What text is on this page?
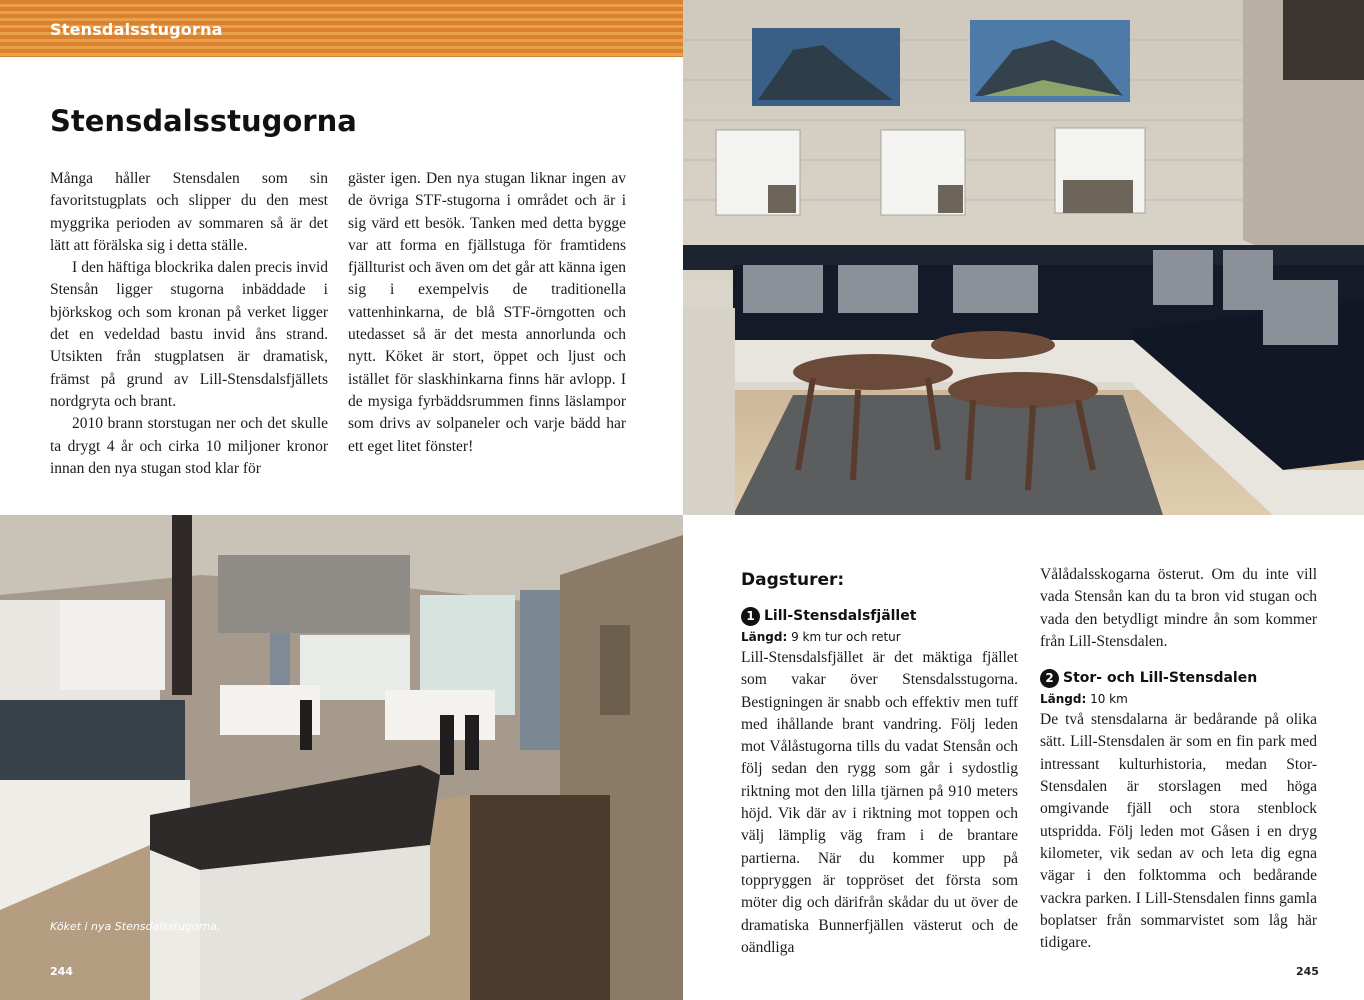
Stensdalsstugorna
Stensdalsstugorna

Många håller Stensdalen som sin favoritstugplats och slipper du den mest myggrika perioden av sommaren så är det lätt att förälska sig i detta ställe.

I den häftiga blockrika dalen precis invid Stensån ligger stugorna inbäddade i björkskog och som kronan på verket ligger det en vedeldad bastu invid åns strand. Utsikten från stugplatsen är dramatisk, främst på grund av Lill-Stensdalsfjällets nordgryta och brant.

2010 brann storstugan ner och det skulle ta drygt 4 år och cirka 10 miljoner kronor innan den nya stugan stod klar för

gäster igen. Den nya stugan liknar ingen av de övriga STF-stugorna i området och är i sig värd ett besök. Tanken med detta bygge var att forma en fjällstuga för framtidens fjällturist och även om det går att känna igen sig i exempelvis de traditionella vattenhinkarna, de blå STF-örngotten och utedasset så är det mesta annorlunda och nytt. Köket är stort, öppet och ljust och istället för slaskhinkarna finns här avlopp. I de mysiga fyrbäddsrummen finns läslampor som drivs av solpaneler och varje bädd har ett eget litet fönster!

Köket i nya Stensdalsstugorna.
244	245
Dagsturer:
1 Lill-Stensdalsfjället
Längd: 9 km tur och retur

Lill-Stensdalsfjället är det mäktiga fjället som vakar över Stensdalsstugorna. Bestigningen är snabb och effektiv men tuff med ihållande brant vandring. Följ leden mot Vålåstugorna tills du vadat Stensån och följ sedan den rygg som går i sydostlig riktning mot den lilla tjärnen på 910 meters höjd. Vik där av i riktning mot toppen och välj lämplig väg fram i de brantare partierna. När du kommer upp på toppryggen är toppröset det första som möter dig och därifrån skådar du ut över de dramatiska Bunnerfjällen västerut och de oändliga

Vålådalsskogarna österut. Om du inte vill vada Stensån kan du ta bron vid stugan och vada den betydligt mindre ån som kommer från Lill-Stensdalen.

2 Stor- och Lill-Stensdalen
Längd: 10 km

De två stensdalarna är bedårande på olika sätt. Lill-Stensdalen är som en fin park med intressant kulturhistoria, medan Stor-Stensdalen är storslagen med höga omgivande fjäll och stora stenblock utspridda. Följ leden mot Gåsen i en dryg kilometer, vik sedan av och leta dig egna vägar i den folktomma och bedårande vackra parken. I Lill-Stensdalen finns gamla boplatser från sommarvistet som låg här tidigare.
